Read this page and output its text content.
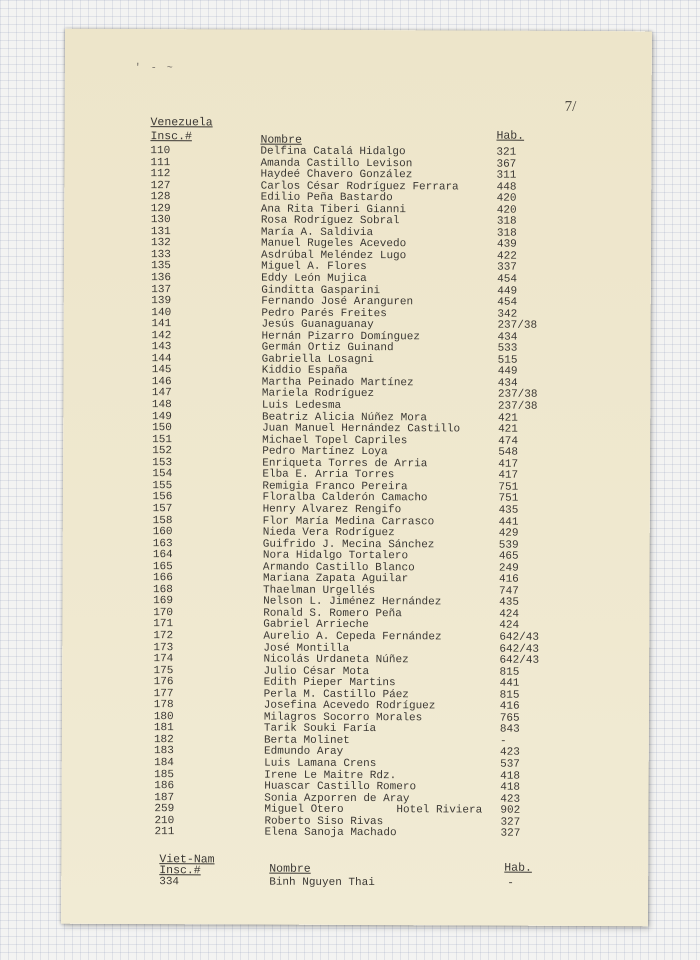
' - ~
7/
Venezuela
Insc.#	Nombre	Hab.
110	Delfina Catalá Hidalgo	321
111	Amanda Castillo Levison	367
112	Haydeé Chavero González	311
127	Carlos César Rodríguez Ferrara	448
128	Edilio Peña Bastardo	420
129	Ana Rita Tiberi Gianni	420
130	Rosa Rodríguez Sobral	318
131	María A. Saldivia	318
132	Manuel Rugeles Acevedo	439
133	Asdrúbal Meléndez Lugo	422
135	Miguel A. Flores	337
136	Eddy León Mujica	454
137	Ginditta Gasparini	449
139	Fernando José Aranguren	454
140	Pedro Parés Freites	342
141	Jesús Guanaguanay	237/38
142	Hernán Pizarro Domínguez	434
143	Germán Ortiz Guinand	533
144	Gabriella Losagni	515
145	Kiddio España	449
146	Martha Peinado Martínez	434
147	Mariela Rodríguez	237/38
148	Luis Ledesma	237/38
149	Beatriz Alicia Núñez Mora	421
150	Juan Manuel Hernández Castillo	421
151	Michael Topel Capriles	474
152	Pedro Martínez Loya	548
153	Enriqueta Torres de Arria	417
154	Elba E. Arria Torres	417
155	Remigia Franco Pereira	751
156	Floralba Calderón Camacho	751
157	Henry Alvarez Rengifo	435
158	Flor María Medina Carrasco	441
160	Nieda Vera Rodríguez	429
163	Guifrido J. Mecina Sánchez	539
164	Nora Hidalgo Tortalero	465
165	Armando Castillo Blanco	249
166	Mariana Zapata Aguilar	416
168	Thaelman Urgellés	747
169	Nelson L. Jiménez Hernández	435
170	Ronald S. Romero Peña	424
171	Gabriel Arrieche	424
172	Aurelio A. Cepeda Fernández	642/43
173	José Montilla	642/43
174	Nicolás Urdaneta Núñez	642/43
175	Julio César Mota	815
176	Edith Pieper Martins	441
177	Perla M. Castillo Páez	815
178	Josefina Acevedo Rodríguez	416
180	Milagros Socorro Morales	765
181	Tarik Souki Faría	843
182	Berta Molinet	-
183	Edmundo Aray	423
184	Luis Lamana Crens	537
185	Irene Le Maitre Rdz.	418
186	Huascar Castillo Romero	418
187	Sonia Azporren de Aray	423
259	Miguel Otero        Hotel Riviera 902
210	Roberto Siso Rivas	327
211	Elena Sanoja Machado	327
Viet-Nam
Insc.#	Nombre	Hab.
334	Binh Nguyen Thai	-
